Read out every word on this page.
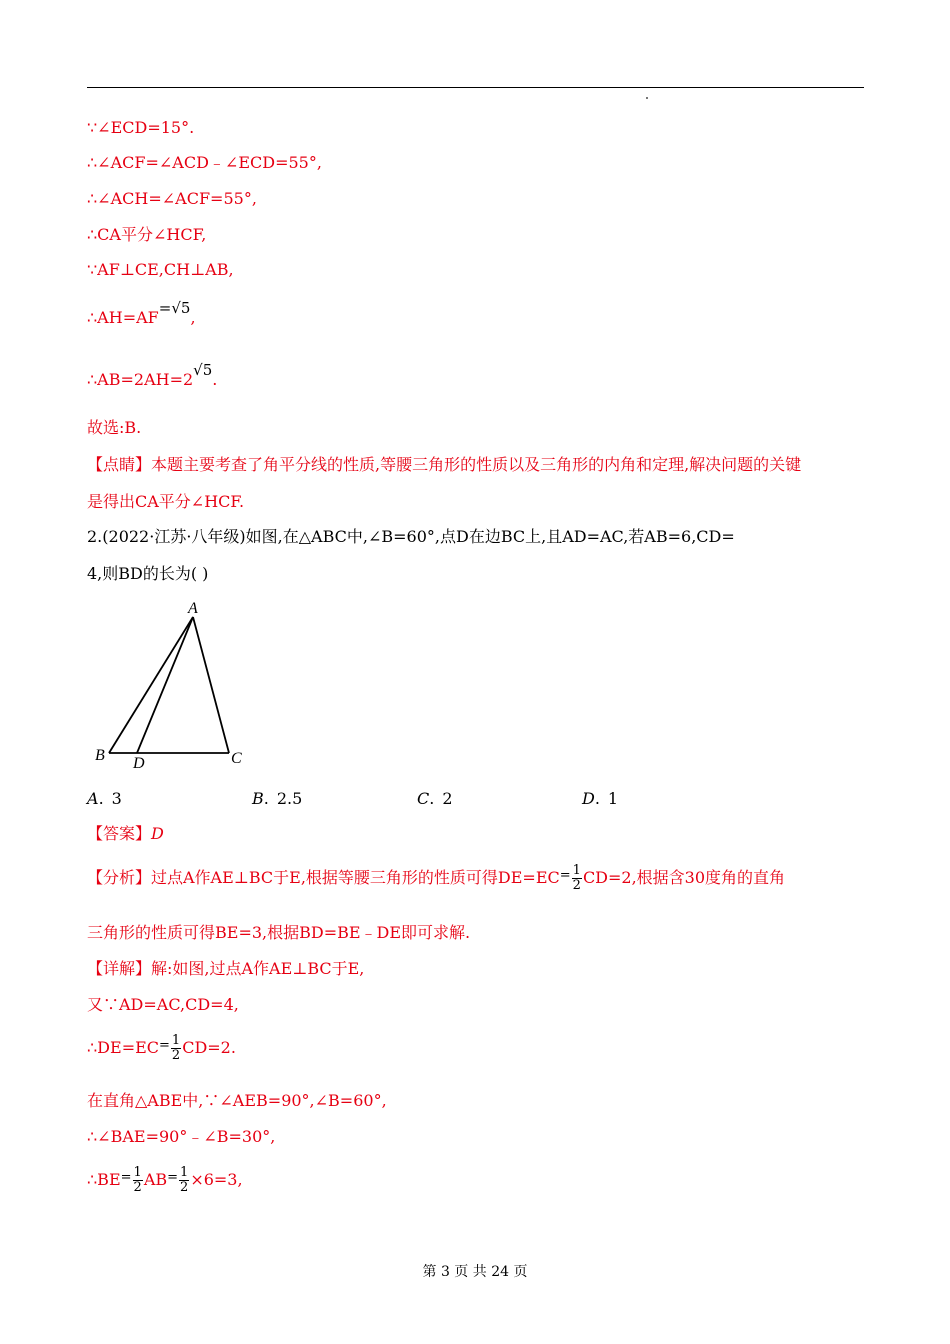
∵∠ECD=15°.
∴∠ACF=∠ACD﹣∠ECD=55°,
∴∠ACH=∠ACF=55°,
∴CA平分∠HCF,
∵AF⊥CE,CH⊥AB,
∴AH=AF=√5,
∴AB=2AH=2√5.
故选:B.
【点睛】本题主要考查了角平分线的性质,等腰三角形的性质以及三角形的内角和定理,解决问题的关键
是得出CA平分∠HCF.
2.(2022·江苏·八年级)如图,在△ABC中,∠B=60°,点D在边BC上,且AD=AC,若AB=6,CD=
4,则BD的长为( )
A
B D	C
A. 3	B. 2.5	C. 2	D. 1
【答案】D
【分析】过点A作AE⊥BC于E,根据等腰三角形的性质可得$DE=EC^= \frac{1}{2} CD=2$,根据含30度角的直角
三角形的性质可得BE=3,根据BD=BE﹣DE即可求解.
【详解】解:如图,过点A作AE⊥BC于E,
又∵AD=AC,CD=4,
∴DE=EC= $\frac{1}{2} CD=2$.
在直角△ABE中,∵∠AEB=90°,∠B=60°,
∴∠BAE=90°﹣∠B=30°,
∴BE= $\frac{1}{2} AB^= \frac{1}{2} \times 6=3$,
第 3 页 共 24 页
